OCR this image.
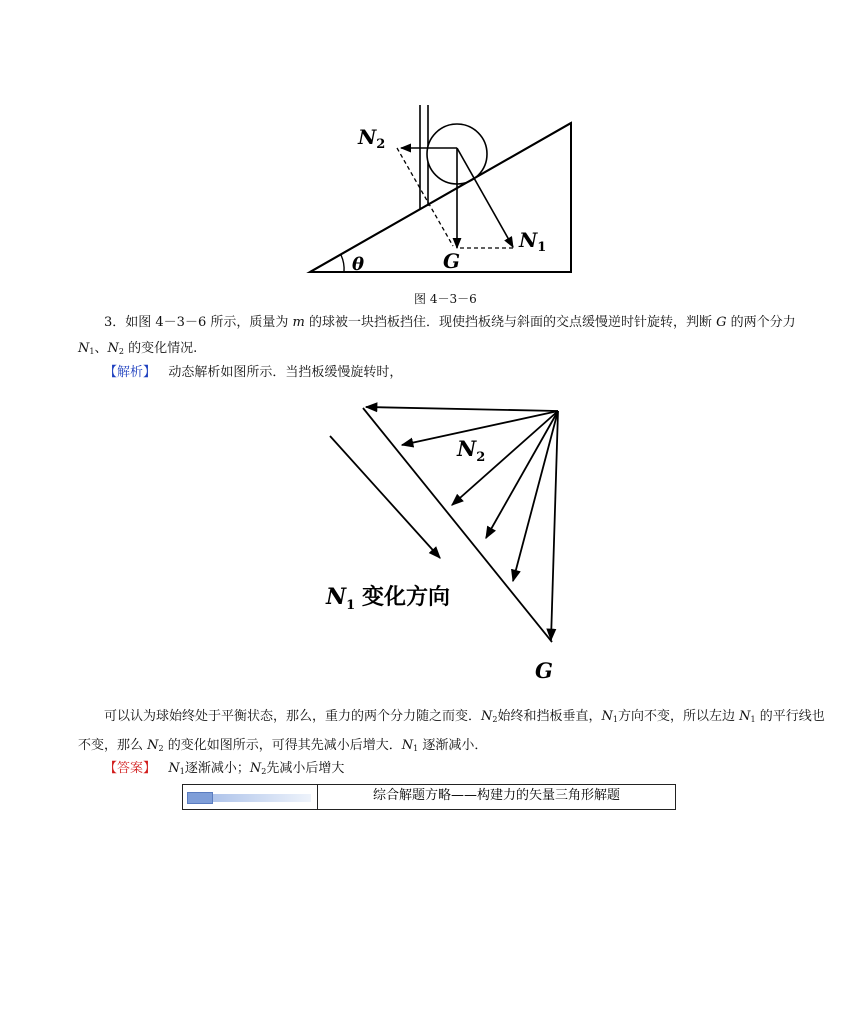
$N_2$
$N_1$
G
θ
图 4－3－6
3．如图 4－3－6 所示，质量为 m 的球被一块挡板挡住．现使挡板绕与斜面的交点缓慢逆时针旋转，判断 G 的两个分力 $N_1$、$N_2$ 的变化情况.
【解析】 动态解析如图所示．当挡板缓慢旋转时，
$N_2$
$N_1$ 变化方向
G
可以认为球始终处于平衡状态，那么，重力的两个分力随之而变．$N_2$始终和挡板垂直，$N_1$方向不变，所以左边 $N_1$ 的平行线也不变，那么 $N_2$ 的变化如图所示，可得其先减小后增大．$N_1$ 逐渐减小．
【答案】 $N_1$逐渐减小；$N_2$先减小后增大
综合解题方略——构建力的矢量三角形解题
